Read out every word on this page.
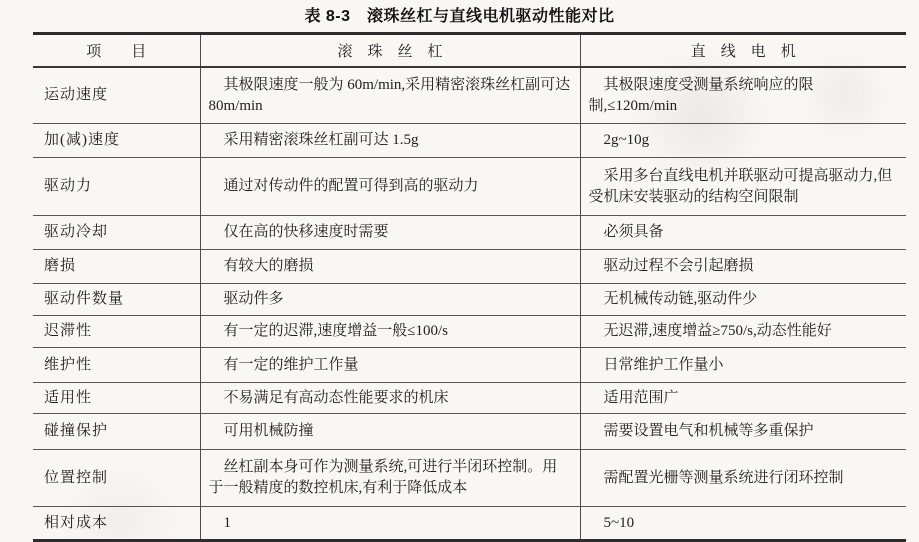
表 8-3　滚珠丝杠与直线电机驱动性能对比
项　　目	滚　珠　丝　杠	直　线　电　机
运动速度	其极限速度一般为 60m/min,采用精密滚珠丝杠副可达 80m/min	其极限速度受测量系统响应的限制,≤120m/min
加(减)速度	采用精密滚珠丝杠副可达 1.5g	2g~10g
驱动力	通过对传动件的配置可得到高的驱动力	采用多台直线电机并联驱动可提高驱动力,但受机床安装驱动的结构空间限制
驱动冷却	仅在高的快移速度时需要	必须具备
磨损	有较大的磨损	驱动过程不会引起磨损
驱动件数量	驱动件多	无机械传动链,驱动件少
迟滞性	有一定的迟滞,速度增益一般≤100/s	无迟滞,速度增益≥750/s,动态性能好
维护性	有一定的维护工作量	日常维护工作量小
适用性	不易满足有高动态性能要求的机床	适用范围广
碰撞保护	可用机械防撞	需要设置电气和机械等多重保护
位置控制	丝杠副本身可作为测量系统,可进行半闭环控制。用于一般精度的数控机床,有利于降低成本	需配置光栅等测量系统进行闭环控制
相对成本	1	5~10
